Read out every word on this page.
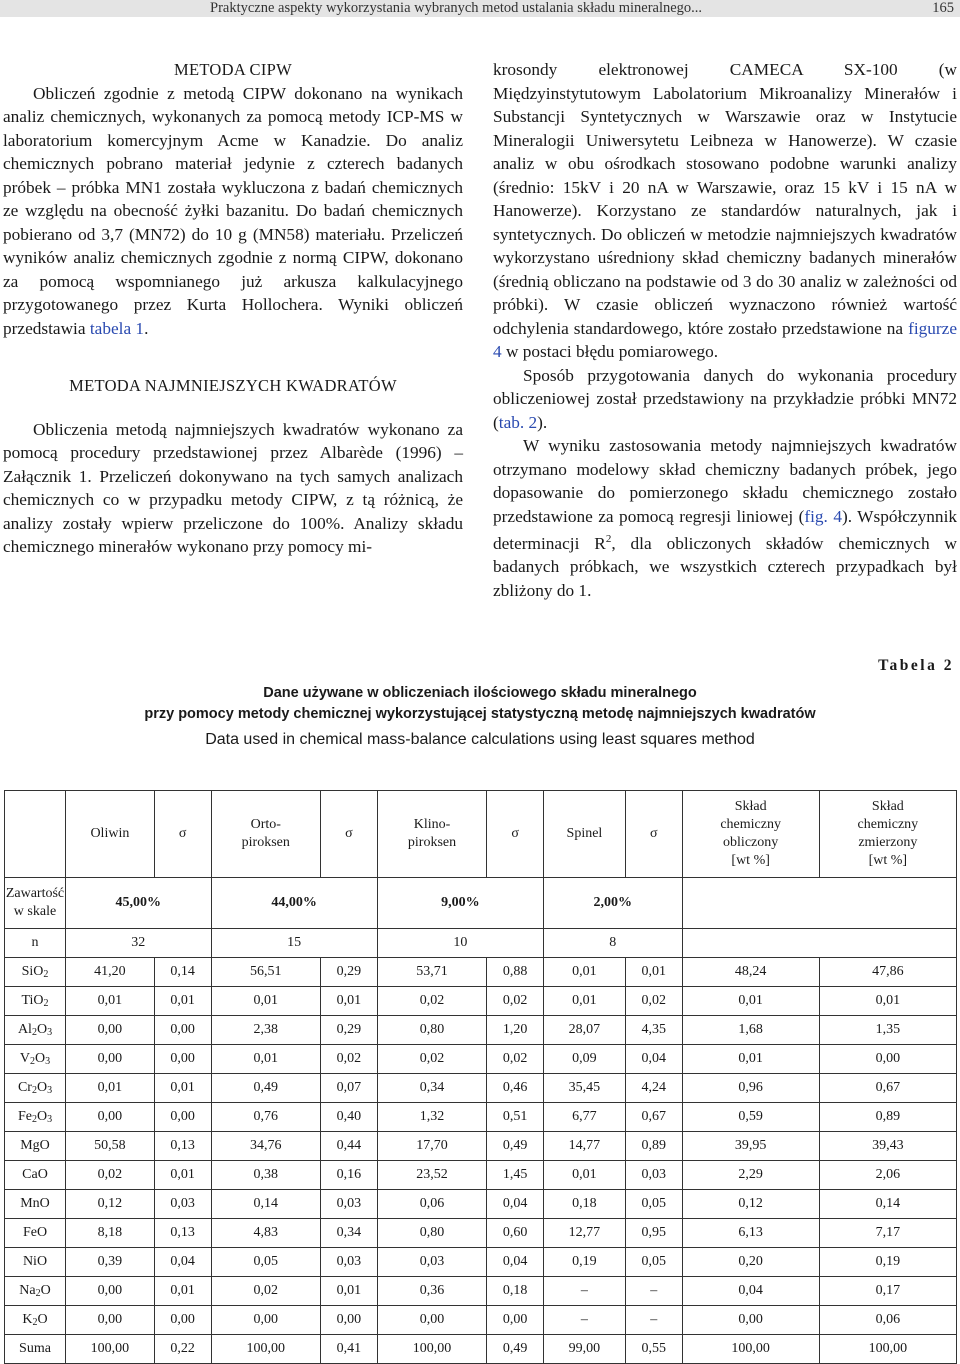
Praktyczne aspekty wykorzystania wybranych metod ustalania składu mineralnego...	165

METODA CIPW

Obliczeń zgodnie z metodą CIPW dokonano na wynikach analiz chemicznych, wykonanych za pomocą metody ICP-MS w laboratorium komercyjnym Acme w Kanadzie. Do analiz chemicznych pobrano materiał jedynie z czterech badanych próbek – próbka MN1 została wykluczona z badań chemicznych ze względu na obecność żyłki bazanitu. Do badań chemicznych pobierano od 3,7 (MN72) do 10 g (MN58) materiału. Przeliczeń wyników analiz chemicznych zgodnie z normą CIPW, dokonano za pomocą wspomnianego już arkusza kalkulacyjnego przygotowanego przez Kurta Hollochera. Wyniki obliczeń przedstawia tabela 1.

METODA NAJMNIEJSZYCH KWADRATÓW

Obliczenia metodą najmniejszych kwadratów wykonano za pomocą procedury przedstawionej przez Albarède (1996) – Załącznik 1. Przeliczeń dokonywano na tych samych analizach chemicznych co w przypadku metody CIPW, z tą różnicą, że analizy zostały wpierw przeliczone do 100%. Analizy składu chemicznego minerałów wykonano przy pomocy mi-

krosondy elektronowej CAMECA SX-100 (w Międzyinstytutowym Labolatorium Mikroanalizy Minerałów i Substancji Syntetycznych w Warszawie oraz w Instytucie Mineralogii Uniwersytetu Leibneza w Hanowerze). W czasie analiz w obu ośrodkach stosowano podobne warunki analizy (średnio: 15kV i 20 nA w Warszawie, oraz 15 kV i 15 nA w Hanowerze). Korzystano ze standardów naturalnych, jak i syntetycznych. Do obliczeń w metodzie najmniejszych kwadratów wykorzystano uśredniony skład chemiczny badanych minerałów (średnią obliczano na podstawie od 3 do 30 analiz w zależności od próbki). W czasie obliczeń wyznaczono również wartość odchylenia standardowego, które zostało przedstawione na figurze 4 w postaci błędu pomiarowego.

Sposób przygotowania danych do wykonania procedury obliczeniowej został przedstawiony na przykładzie próbki MN72 (tab. 2).

W wyniku zastosowania metody najmniejszych kwadratów otrzymano modelowy skład chemiczny badanych próbek, jego dopasowanie do pomierzonego składu chemicznego zostało przedstawione za pomocą regresji liniowej (fig. 4). Współczynnik determinacji $R^2$, dla obliczonych składów chemicznych w badanych próbkach, we wszystkich czterech przypadkach był zbliżony do 1.

Tabela 2
Dane używane w obliczeniach ilościowego składu mineralnego
przy pomocy metody chemicznej wykorzystującej statystyczną metodę najmniejszych kwadratów
Data used in chemical mass-balance calculations using least squares method
	Oliwin	σ	Orto-
piroksen	σ	Klino-
piroksen	σ	Spinel	σ	Skład
chemiczny
obliczony
[wt %]	Skład
chemiczny
zmierzony
[wt %]
Zawartość
w skale	45,00%		44,00%		9,00%		2,00%			
n	32		15		10		8			
SiO$_2$	41,20	0,14	56,51	0,29	53,71	0,88	0,01	0,01	48,24	47,86
TiO$_2$	0,01	0,01	0,01	0,01	0,02	0,02	0,01	0,02	0,01	0,01
$Al_2O_3$	0,00	0,00	2,38	0,29	0,80	1,20	28,07	4,35	1,68	1,35
$V_2O_3$	0,00	0,00	0,01	0,02	0,02	0,02	0,09	0,04	0,01	0,00
$Cr_2O_3$	0,01	0,01	0,49	0,07	0,34	0,46	35,45	4,24	0,96	0,67
$Fe_2O_3$	0,00	0,00	0,76	0,40	1,32	0,51	6,77	0,67	0,59	0,89
MgO	50,58	0,13	34,76	0,44	17,70	0,49	14,77	0,89	39,95	39,43
CaO	0,02	0,01	0,38	0,16	23,52	1,45	0,01	0,03	2,29	2,06
MnO	0,12	0,03	0,14	0,03	0,06	0,04	0,18	0,05	0,12	0,14
FeO	8,18	0,13	4,83	0,34	0,80	0,60	12,77	0,95	6,13	7,17
NiO	0,39	0,04	0,05	0,03	0,03	0,04	0,19	0,05	0,20	0,19
$Na_2O$	0,00	0,01	0,02	0,01	0,36	0,18	–	–	0,04	0,17
$K_2O$	0,00	0,00	0,00	0,00	0,00	0,00	–	–	0,00	0,06
Suma	100,00	0,22	100,00	0,41	100,00	0,49	99,00	0,55	100,00	100,00
